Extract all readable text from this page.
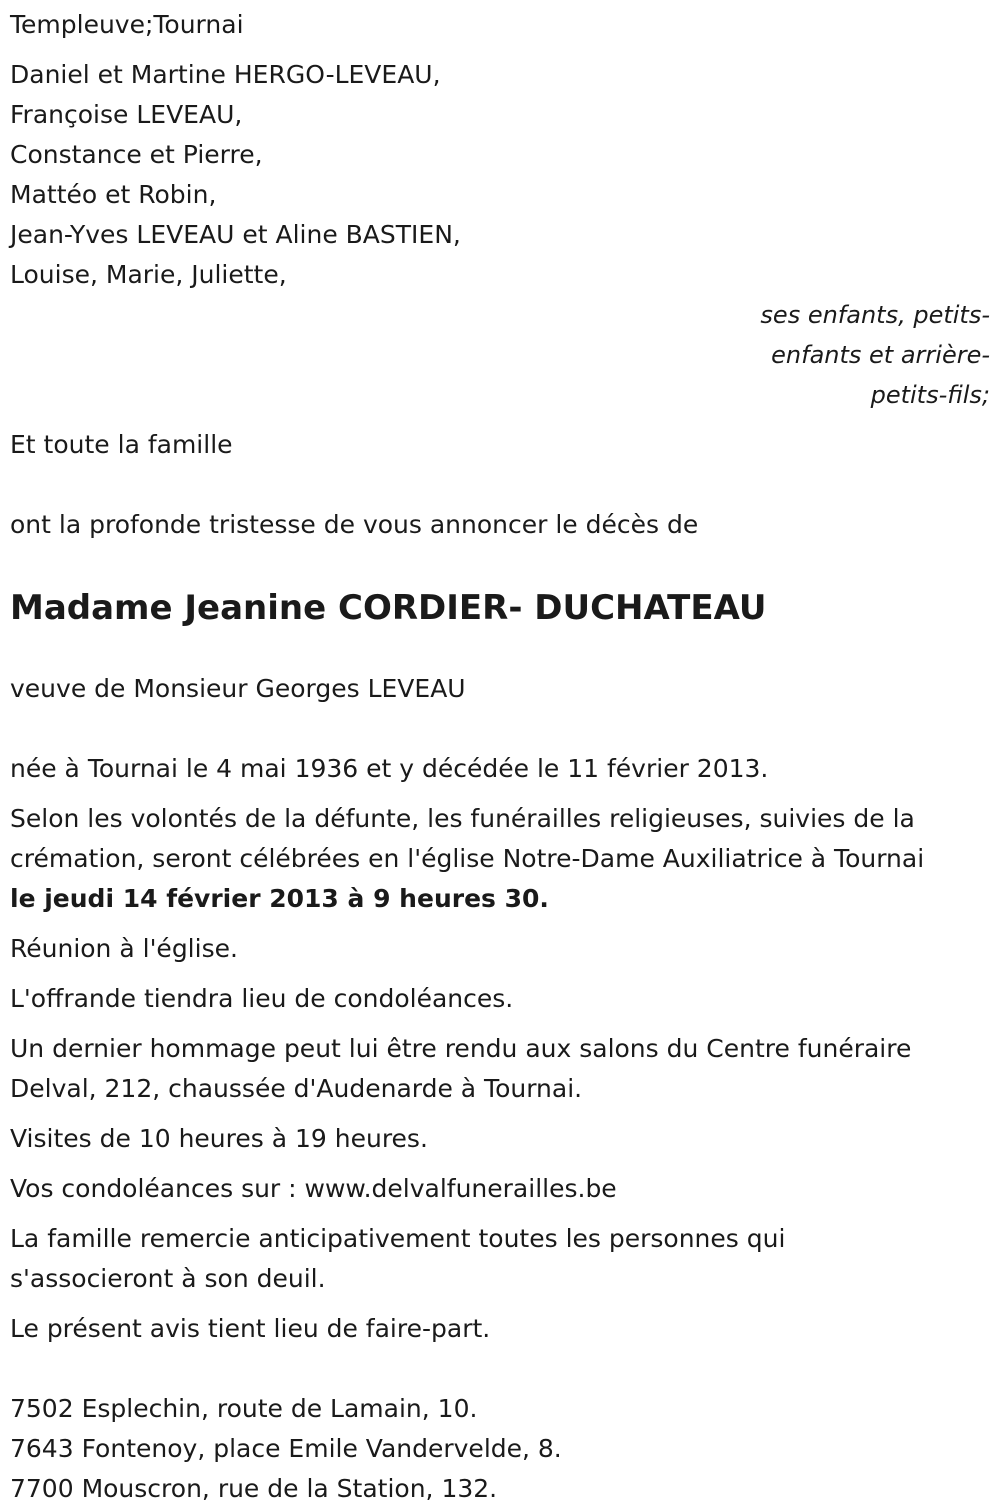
Templeuve;Tournai
Daniel et Martine HERGO-LEVEAU,
Françoise LEVEAU,
Constance et Pierre,
Mattéo et Robin,
Jean-Yves LEVEAU et Aline BASTIEN,
Louise, Marie, Juliette,
ses enfants, petits-
enfants et arrière-
petits-fils;
Et toute la famille
ont la profonde tristesse de vous annoncer le décès de
Madame Jeanine CORDIER- DUCHATEAU
veuve de Monsieur Georges LEVEAU
née à Tournai le 4 mai 1936 et y décédée le 11 février 2013.
Selon les volontés de la défunte, les funérailles religieuses, suivies de la
crémation, seront célébrées en l'église Notre-Dame Auxiliatrice à Tournai
le jeudi 14 février 2013 à 9 heures 30.
Réunion à l'église.
L'offrande tiendra lieu de condoléances.
Un dernier hommage peut lui être rendu aux salons du Centre funéraire
Delval, 212, chaussée d'Audenarde à Tournai.
Visites de 10 heures à 19 heures.
Vos condoléances sur : www.delvalfunerailles.be
La famille remercie anticipativement toutes les personnes qui
s'associeront à son deuil.
Le présent avis tient lieu de faire-part.
7502 Esplechin, route de Lamain, 10.
7643 Fontenoy, place Emile Vandervelde, 8.
7700 Mouscron, rue de la Station, 132.
